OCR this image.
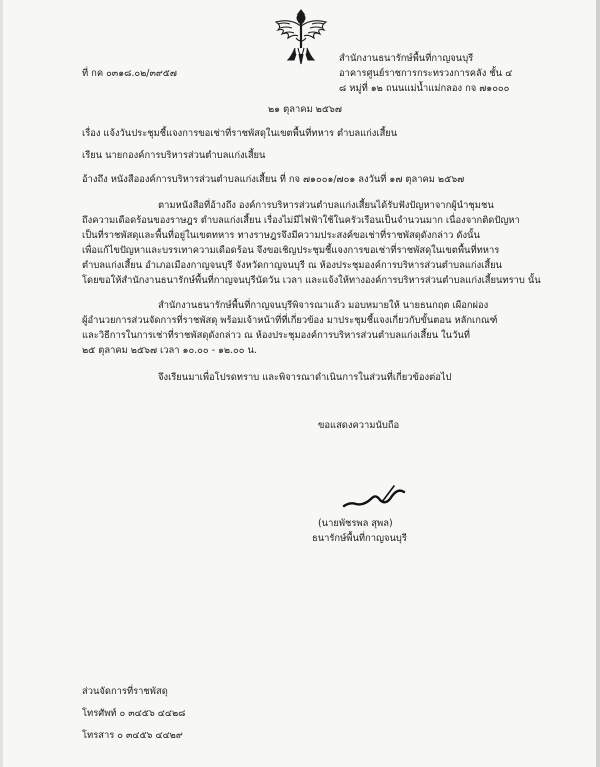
ที่ กค ๐๓๑๘.๐๒/๓๙๕๗
สำนักงานธนารักษ์พื้นที่กาญจนบุรี
อาคารศูนย์ราชการกระทรวงการคลัง ชั้น ๔
๘ หมู่ที่ ๑๒ ถนนแม่น้ำแม่กลอง กจ ๗๑๐๐๐
๒๑ ตุลาคม ๒๕๖๗
เรื่อง แจ้งวันประชุมชี้แจงการขอเช่าที่ราชพัสดุในเขตพื้นที่ทหาร ตำบลแก่งเสี้ยน
เรียน นายกองค์การบริหารส่วนตำบลแก่งเสี้ยน
อ้างถึง หนังสือองค์การบริหารส่วนตำบลแก่งเสี้ยน ที่ กจ ๗๑๐๐๑/๗๐๑ ลงวันที่ ๑๗ ตุลาคม ๒๕๖๗
ตามหนังสือที่อ้างถึง องค์การบริหารส่วนตำบลแก่งเสี้ยนได้รับฟังปัญหาจากผู้นำชุมชน
ถึงความเดือดร้อนของราษฎร ตำบลแก่งเสี้ยน เรื่องไม่มีไฟฟ้าใช้ในครัวเรือนเป็นจำนวนมาก เนื่องจากติดปัญหา
เป็นที่ราชพัสดุและพื้นที่อยู่ในเขตทหาร ทางราษฎรจึงมีความประสงค์ขอเช่าที่ราชพัสดุดังกล่าว ดังนั้น
เพื่อแก้ไขปัญหาและบรรเทาความเดือดร้อน จึงขอเชิญประชุมชี้แจงการขอเช่าที่ราชพัสดุในเขตพื้นที่ทหาร
ตำบลแก่งเสี้ยน อำเภอเมืองกาญจนบุรี จังหวัดกาญจนบุรี ณ ห้องประชุมองค์การบริหารส่วนตำบลแก่งเสี้ยน
โดยขอให้สำนักงานธนารักษ์พื้นที่กาญจนบุรีนัดวัน เวลา และแจ้งให้ทางองค์การบริหารส่วนตำบลแก่งเสี้ยนทราบ นั้น
สำนักงานธนารักษ์พื้นที่กาญจนบุรีพิจารณาแล้ว มอบหมายให้ นายธนกฤต เผือกผ่อง
ผู้อำนวยการส่วนจัดการที่ราชพัสดุ พร้อมเจ้าหน้าที่ที่เกี่ยวข้อง มาประชุมชี้แจงเกี่ยวกับขั้นตอน หลักเกณฑ์
และวิธีการในการเช่าที่ราชพัสดุดังกล่าว ณ ห้องประชุมองค์การบริหารส่วนตำบลแก่งเสี้ยน ในวันที่
๒๕ ตุลาคม ๒๕๖๗ เวลา ๑๐.๐๐ - ๑๒.๐๐ น.
จึงเรียนมาเพื่อโปรดทราบ และพิจารณาดำเนินการในส่วนที่เกี่ยวข้องต่อไป
ขอแสดงความนับถือ
(นายพัชรพล สุพล)
ธนารักษ์พื้นที่กาญจนบุรี
ส่วนจัดการที่ราชพัสดุ
โทรศัพท์ ๐ ๓๔๕๖ ๔๔๒๘
โทรสาร ๐ ๓๔๕๖ ๔๔๒๙
